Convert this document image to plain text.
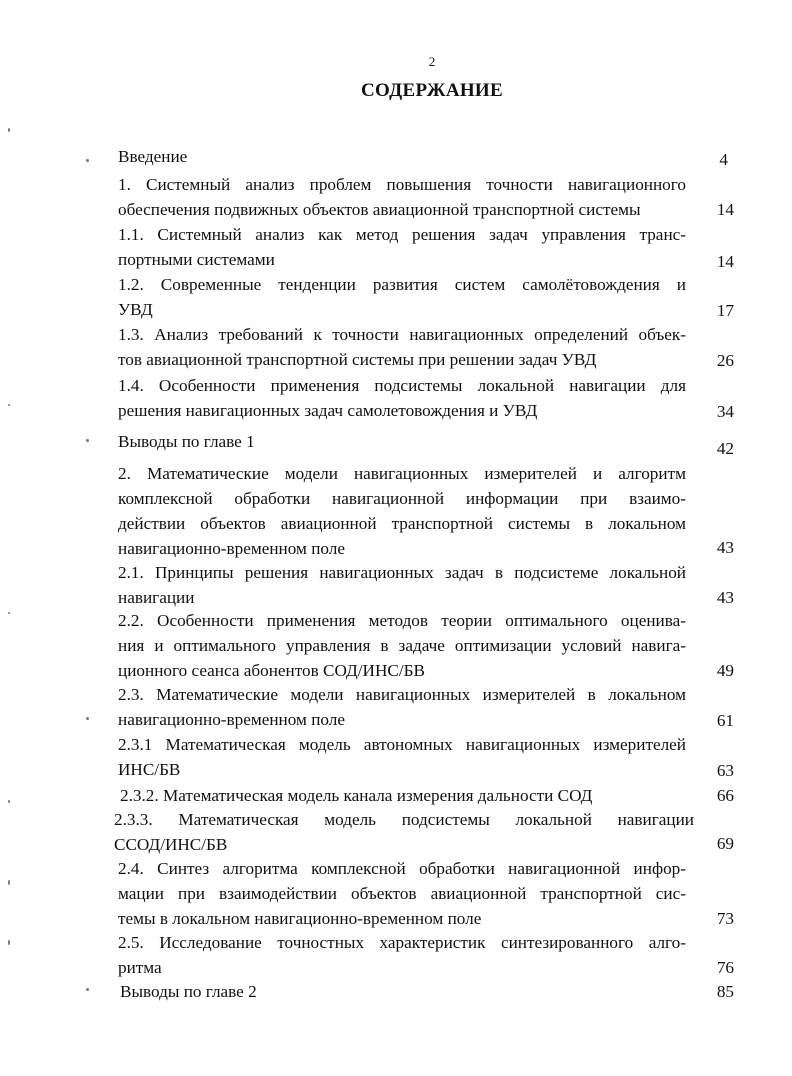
2
СОДЕРЖАНИЕ
Введение	4
1. Системный анализ проблем повышения точности навигационного
обеспечения подвижных объектов авиационной транспортной системы	14
1.1. Системный анализ как метод решения задач управления транс-
портными системами	14
1.2. Современные тенденции развития систем самолётовождения и
УВД	17
1.3. Анализ требований к точности навигационных определений объек-
тов авиационной транспортной системы при решении задач УВД	26
1.4. Особенности применения подсистемы локальной навигации для
решения навигационных задач самолетовождения и УВД	34
Выводы по главе 1	42
2. Математические модели навигационных измерителей и алгоритм
комплексной обработки навигационной информации при взаимо-
действии объектов авиационной транспортной системы в локальном
навигационно-временном поле	43
2.1. Принципы решения навигационных задач в подсистеме локальной
навигации	43
2.2. Особенности применения методов теории оптимального оценива-
ния и оптимального управления в задаче оптимизации условий навига-
ционного сеанса абонентов СОД/ИНС/БВ	49
2.3. Математические модели навигационных измерителей в локальном
навигационно-временном поле	61
2.3.1 Математическая модель автономных навигационных измерителей
ИНС/БВ	63
2.3.2. Математическая модель канала измерения дальности СОД	66
2.3.3. Математическая модель подсистемы локальной навигации
ССОД/ИНС/БВ	69
2.4. Синтез алгоритма комплексной обработки навигационной инфор-
мации при взаимодействии объектов авиационной транспортной сис-
темы в локальном навигационно-временном поле	73
2.5. Исследование точностных характеристик синтезированного алго-
ритма	76
Выводы по главе 2	85
